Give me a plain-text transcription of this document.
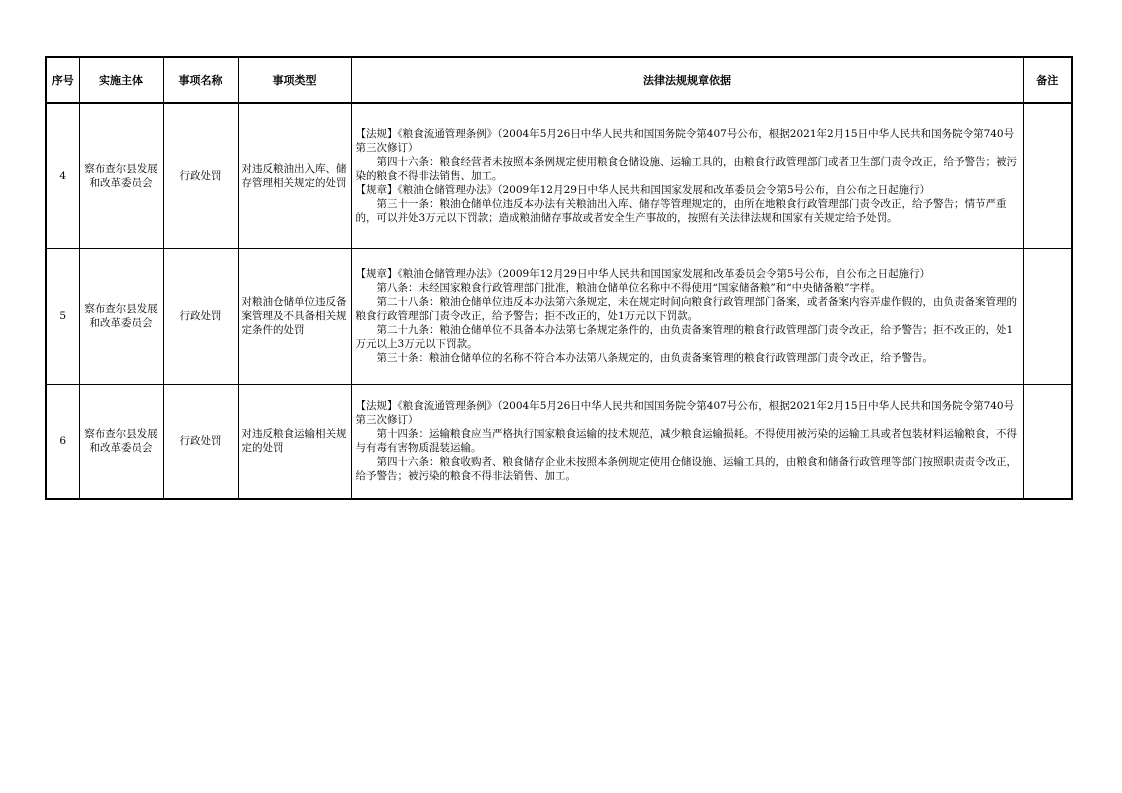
序号	实施主体	事项名称	事项类型	法律法规规章依据	备注
4	察布查尔县发展和改革委员会	行政处罚	对违反粮油出入库、储存管理相关规定的处罚	【法规】《粮食流通管理条例》（2004年5月26日中华人民共和国国务院令第407号公布，根据2021年2月15日中华人民共和国务院令第740号第三次修订）
第四十六条：粮食经营者未按照本条例规定使用粮食仓储设施、运输工具的，由粮食行政管理部门或者卫生部门责令改正，给予警告；被污染的粮食不得非法销售、加工。
【规章】《粮油仓储管理办法》（2009年12月29日中华人民共和国国家发展和改革委员会令第5号公布，自公布之日起施行）
第三十一条：粮油仓储单位违反本办法有关粮油出入库、储存等管理规定的，由所在地粮食行政管理部门责令改正，给予警告；情节严重的，可以并处3万元以下罚款；造成粮油储存事故或者安全生产事故的，按照有关法律法规和国家有关规定给予处罚。	

5	察布查尔县发展和改革委员会	行政处罚	对粮油仓储单位违反备案管理及不具备相关规定条件的处罚	【规章】《粮油仓储管理办法》（2009年12月29日中华人民共和国国家发展和改革委员会令第5号公布，自公布之日起施行）
第八条：未经国家粮食行政管理部门批准，粮油仓储单位名称中不得使用“国家储备粮”和“中央储备粮”字样。
第二十八条：粮油仓储单位违反本办法第六条规定，未在规定时间向粮食行政管理部门备案，或者备案内容弄虚作假的，由负责备案管理的粮食行政管理部门责令改正，给予警告；拒不改正的，处1万元以下罚款。
第二十九条：粮油仓储单位不具备本办法第七条规定条件的，由负责备案管理的粮食行政管理部门责令改正，给予警告；拒不改正的，处1万元以上3万元以下罚款。
第三十条：粮油仓储单位的名称不符合本办法第八条规定的，由负责备案管理的粮食行政管理部门责令改正，给予警告。	

6	察布查尔县发展和改革委员会	行政处罚	对违反粮食运输相关规定的处罚	【法规】《粮食流通管理条例》（2004年5月26日中华人民共和国国务院令第407号公布，根据2021年2月15日中华人民共和国务院令第740号第三次修订）
第十四条：运输粮食应当严格执行国家粮食运输的技术规范，减少粮食运输损耗。不得使用被污染的运输工具或者包装材料运输粮食，不得与有毒有害物质混装运输。
第四十六条：粮食收购者、粮食储存企业未按照本条例规定使用仓储设施、运输工具的，由粮食和储备行政管理等部门按照职责责令改正，给予警告；被污染的粮食不得非法销售、加工。	
